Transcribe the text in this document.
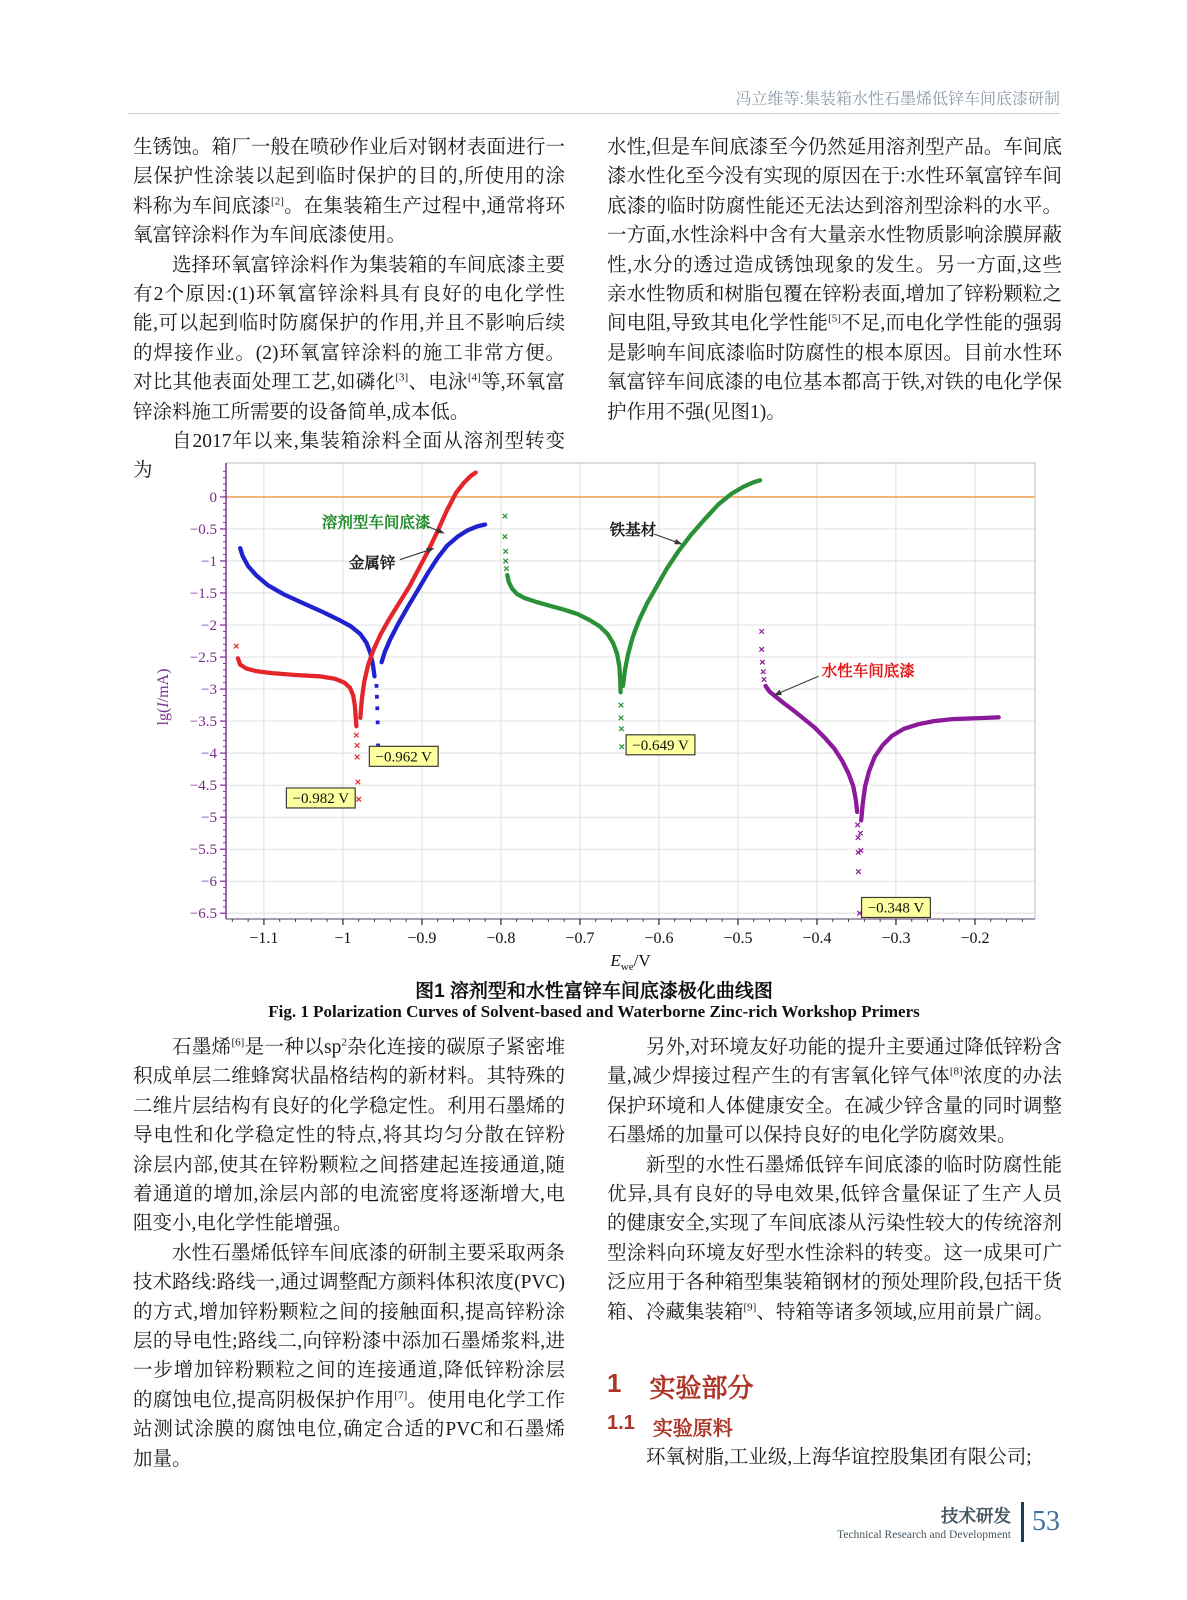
冯立维等:集装箱水性石墨烯低锌车间底漆研制

生锈蚀。箱厂一般在喷砂作业后对钢材表面进行一层保护性涂装以起到临时保护的目的,所使用的涂料称为车间底漆[2]。在集装箱生产过程中,通常将环氧富锌涂料作为车间底漆使用。

选择环氧富锌涂料作为集装箱的车间底漆主要有2个原因:(1)环氧富锌涂料具有良好的电化学性能,可以起到临时防腐保护的作用,并且不影响后续的焊接作业。(2)环氧富锌涂料的施工非常方便。对比其他表面处理工艺,如磷化[3]、电泳[4]等,环氧富锌涂料施工所需要的设备简单,成本低。

自2017年以来,集装箱涂料全面从溶剂型转变为

水性,但是车间底漆至今仍然延用溶剂型产品。车间底漆水性化至今没有实现的原因在于:水性环氧富锌车间底漆的临时防腐性能还无法达到溶剂型涂料的水平。一方面,水性涂料中含有大量亲水性物质影响涂膜屏蔽性,水分的透过造成锈蚀现象的发生。另一方面,这些亲水性物质和树脂包覆在锌粉表面,增加了锌粉颗粒之间电阻,导致其电化学性能[5]不足,而电化学性能的强弱是影响车间底漆临时防腐性的根本原因。目前水性环氧富锌车间底漆的电位基本都高于铁,对铁的电化学保护作用不强(见图1)。

−1.1	−1	−0.9	−0.8	−0.7	−0.6	−0.5	−0.4	−0.3	−0.2
0
−0.5
−1
−1.5
−2
−2.5
−3
−3.5
−4
−4.5
−5
−5.5
−6
−6.5
lg(I/mA)
$E_{we}/V$
金属锌
溶剂型车间底漆	铁基材
水性车间底漆
−0.962 V
−0.982 V
−0.649 V
−0.348 V
图1 溶剂型和水性富锌车间底漆极化曲线图
Fig. 1 Polarization Curves of Solvent-based and Waterborne Zinc-rich Workshop Primers

石墨烯[6]是一种以$sp^2$杂化连接的碳原子紧密堆积成单层二维蜂窝状晶格结构的新材料。其特殊的二维片层结构有良好的化学稳定性。利用石墨烯的导电性和化学稳定性的特点,将其均匀分散在锌粉涂层内部,使其在锌粉颗粒之间搭建起连接通道,随着通道的增加,涂层内部的电流密度将逐渐增大,电阻变小,电化学性能增强。

水性石墨烯低锌车间底漆的研制主要采取两条技术路线:路线一,通过调整配方颜料体积浓度(PVC)的方式,增加锌粉颗粒之间的接触面积,提高锌粉涂层的导电性;路线二,向锌粉漆中添加石墨烯浆料,进一步增加锌粉颗粒之间的连接通道,降低锌粉涂层的腐蚀电位,提高阴极保护作用[7]。使用电化学工作站测试涂膜的腐蚀电位,确定合适的PVC和石墨烯加量。

另外,对环境友好功能的提升主要通过降低锌粉含量,减少焊接过程产生的有害氧化锌气体[8]浓度的办法保护环境和人体健康安全。在减少锌含量的同时调整石墨烯的加量可以保持良好的电化学防腐效果。

新型的水性石墨烯低锌车间底漆的临时防腐性能优异,具有良好的导电效果,低锌含量保证了生产人员的健康安全,实现了车间底漆从污染性较大的传统溶剂型涂料向环境友好型水性涂料的转变。这一成果可广泛应用于各种箱型集装箱钢材的预处理阶段,包括干货箱、冷藏集装箱[9]、特箱等诸多领域,应用前景广阔。

1 实验部分
1.1 实验原料

环氧树脂,工业级,上海华谊控股集团有限公司;

技术研发
Technical Research and Development 53
